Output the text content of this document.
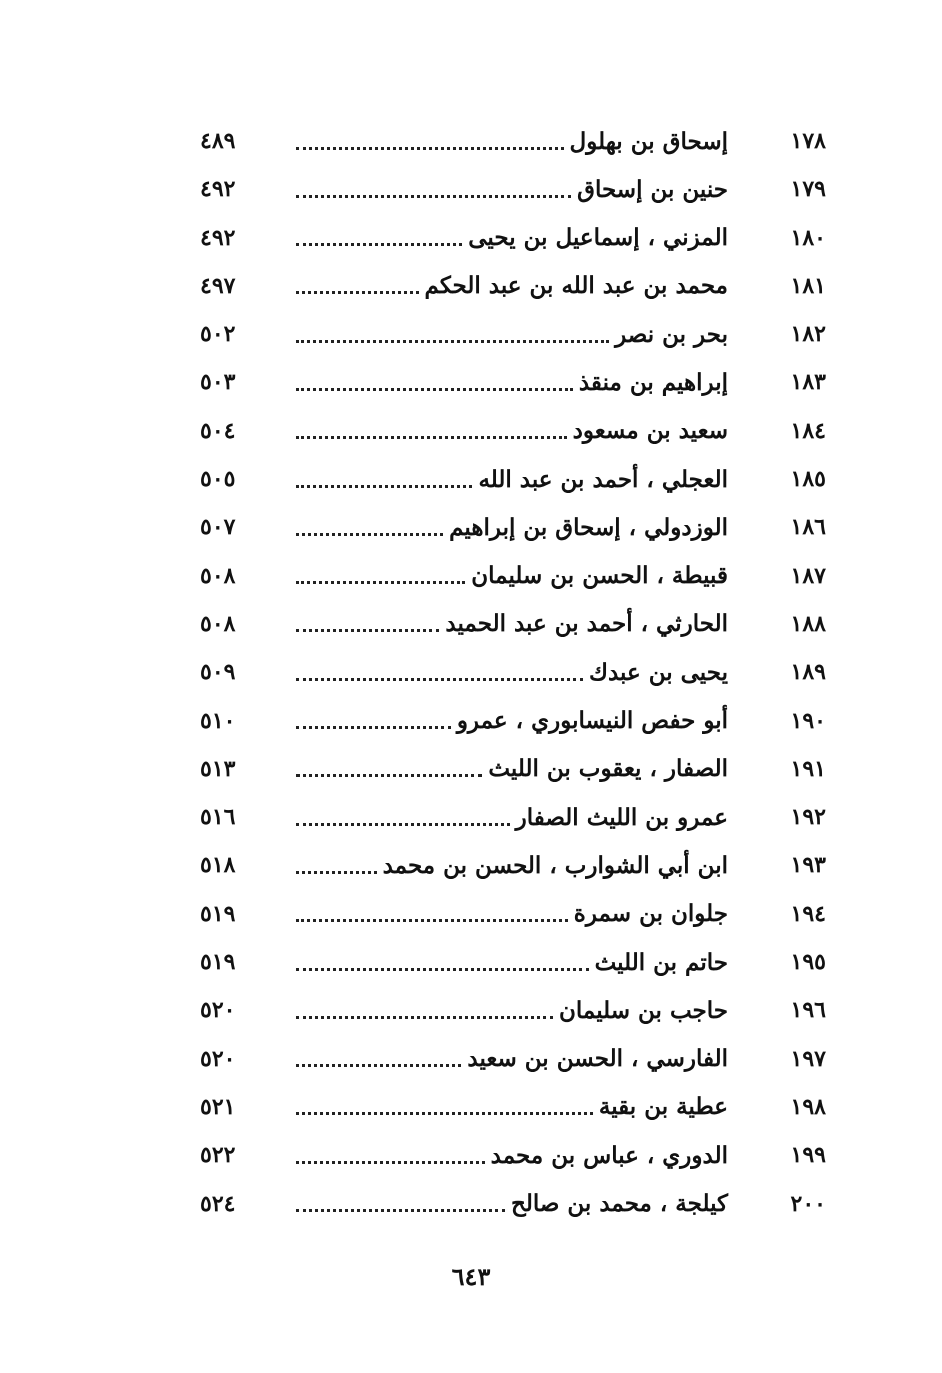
١٧٨
إسحاق بن بهلول
٤٨٩
١٧٩
حنين بن إسحاق
٤٩٢
١٨٠
المزني ، إسماعيل بن يحيى
٤٩٢
١٨١
محمد بن عبد الله بن عبد الحكم
٤٩٧
١٨٢
بحر بن نصر
٥٠٢
١٨٣
إبراهيم بن منقذ
٥٠٣
١٨٤
سعيد بن مسعود
٥٠٤
١٨٥
العجلي ، أحمد بن عبد الله
٥٠٥
١٨٦
الوزدولي ، إسحاق بن إبراهيم
٥٠٧
١٨٧
قبيطة ، الحسن بن سليمان
٥٠٨
١٨٨
الحارثي ، أحمد بن عبد الحميد
٥٠٨
١٨٩
يحيى بن عبدك
٥٠٩
١٩٠
أبو حفص النيسابوري ، عمرو
٥١٠
١٩١
الصفار ، يعقوب بن الليث
٥١٣
١٩٢
عمرو بن الليث الصفار
٥١٦
١٩٣
ابن أبي الشوارب ، الحسن بن محمد
٥١٨
١٩٤
جلوان بن سمرة
٥١٩
١٩٥
حاتم بن الليث
٥١٩
١٩٦
حاجب بن سليمان
٥٢٠
١٩٧
الفارسي ، الحسن بن سعيد
٥٢٠
١٩٨
عطية بن بقية
٥٢١
١٩٩
الدوري ، عباس بن محمد
٥٢٢
٢٠٠
كيلجة ، محمد بن صالح
٥٢٤
٦٤٣
